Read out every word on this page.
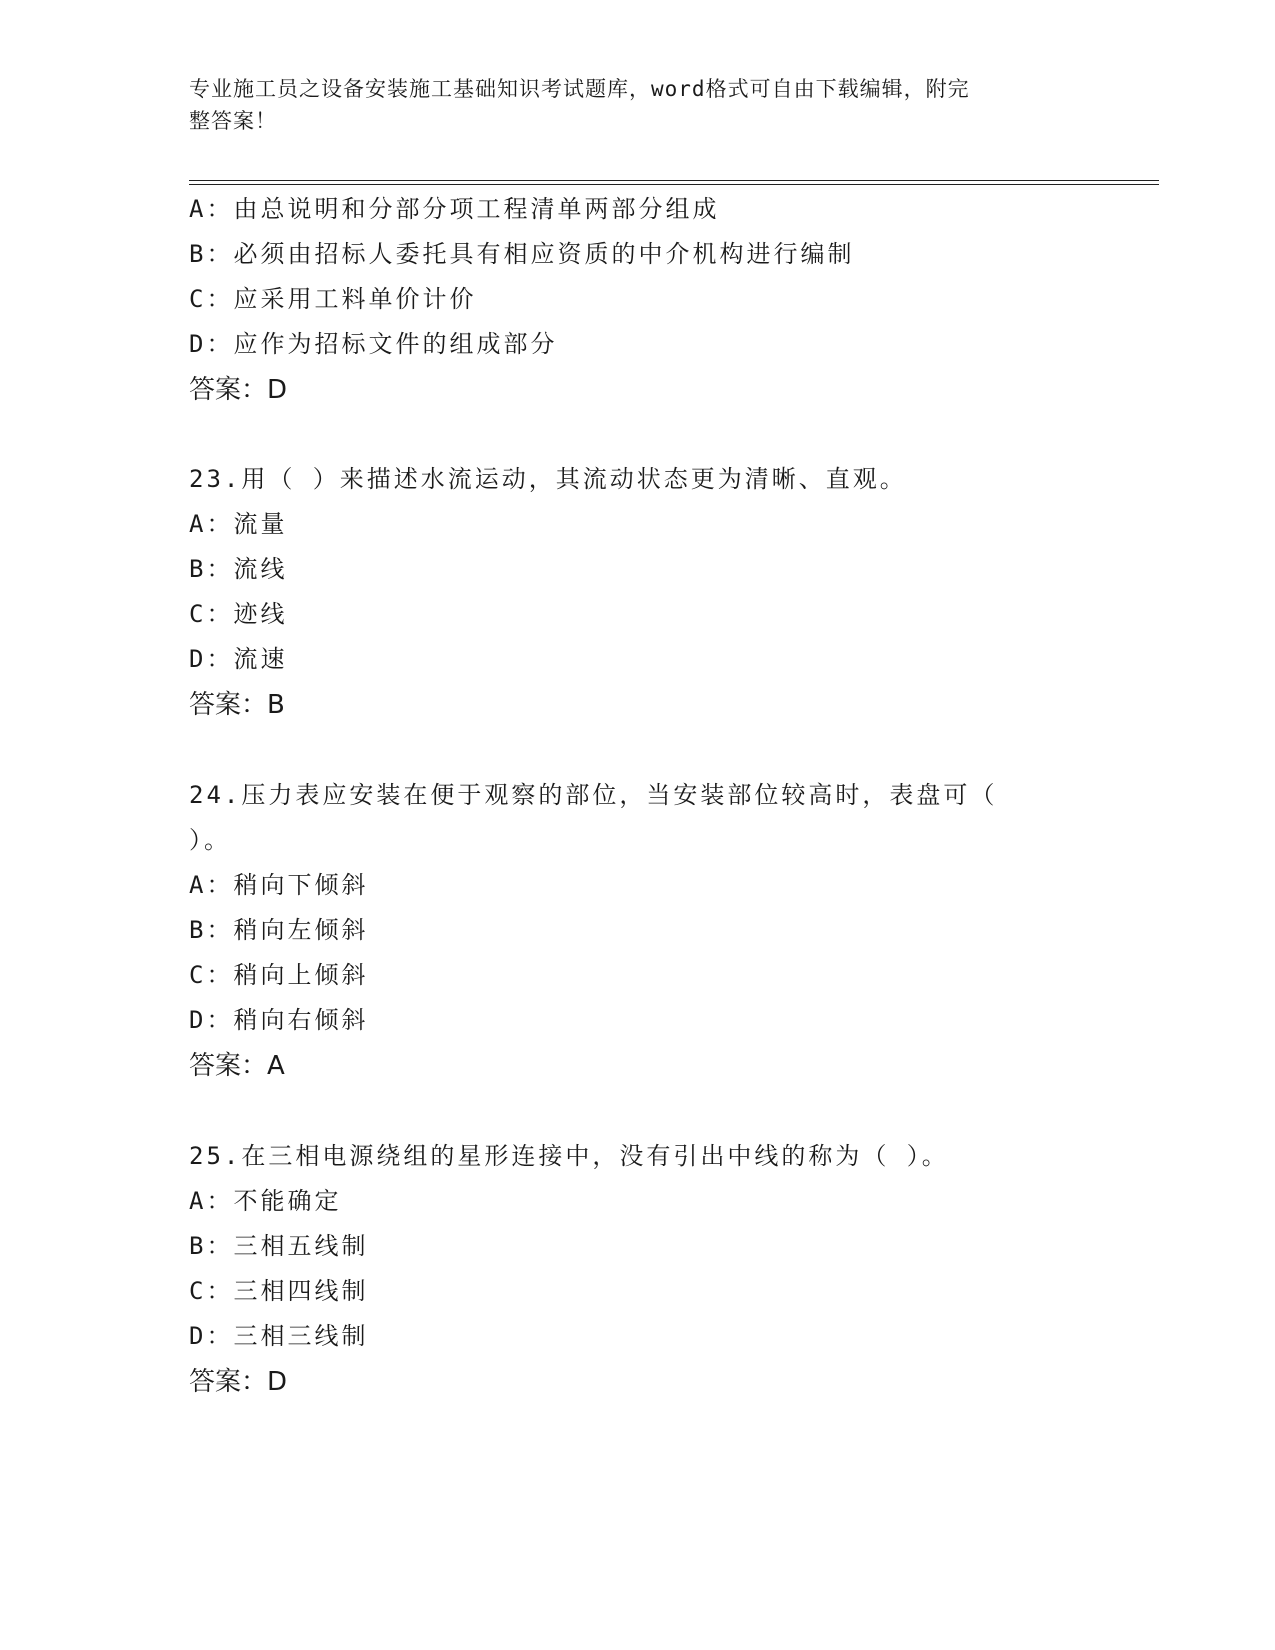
专业施工员之设备安装施工基础知识考试题库，word格式可自由下载编辑，附完
整答案！
A：由总说明和分部分项工程清单两部分组成
B：必须由招标人委托具有相应资质的中介机构进行编制
C：应采用工料单价计价
D：应作为招标文件的组成部分
答案：D
23.用（ ）来描述水流运动，其流动状态更为清晰、直观。
A：流量
B：流线
C：迹线
D：流速
答案：B
24.压力表应安装在便于观察的部位，当安装部位较高时，表盘可（
）。
A：稍向下倾斜
B：稍向左倾斜
C：稍向上倾斜
D：稍向右倾斜
答案：A
25.在三相电源绕组的星形连接中，没有引出中线的称为（ ）。
A：不能确定
B：三相五线制
C：三相四线制
D：三相三线制
答案：D
